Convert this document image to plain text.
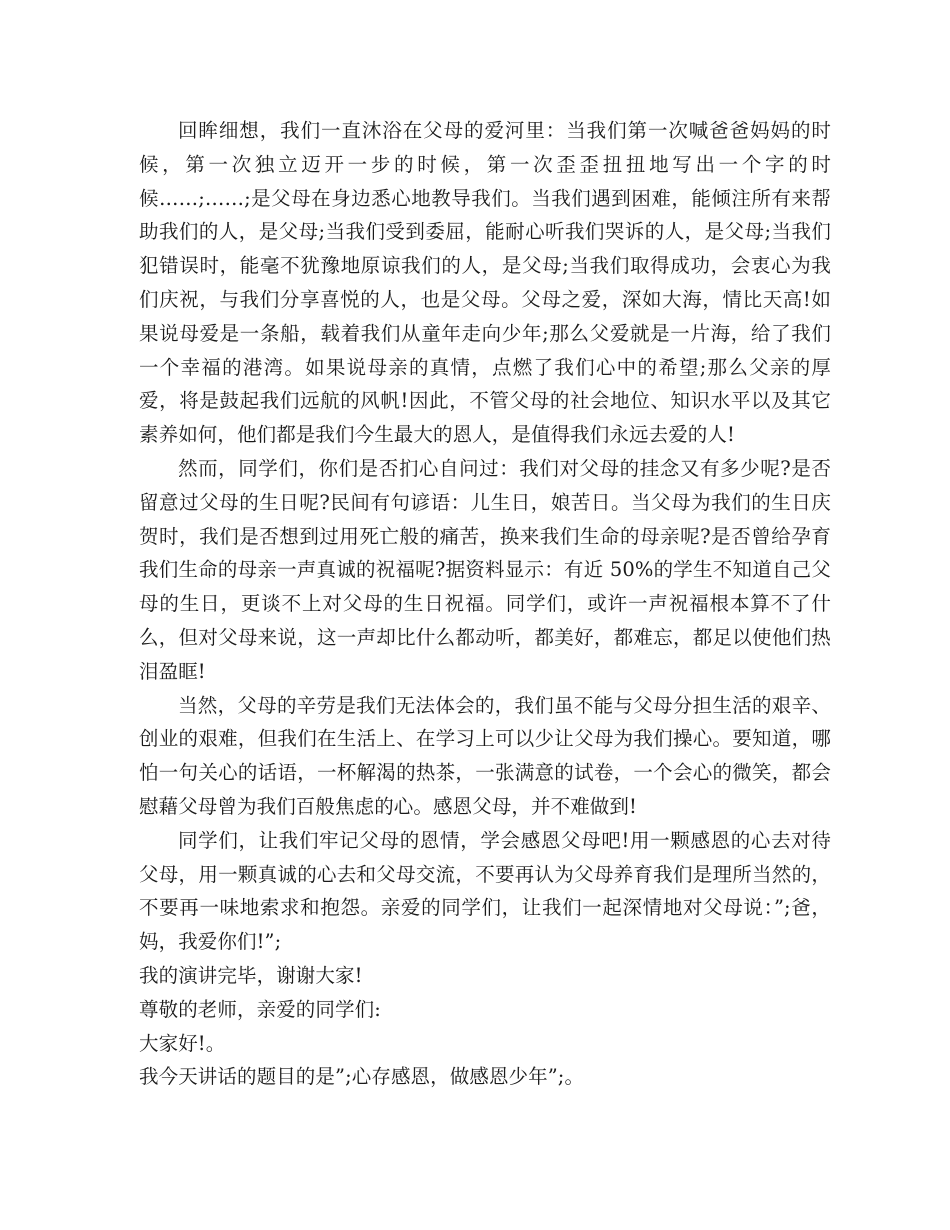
回眸细想，我们一直沐浴在父母的爱河里：当我们第一次喊爸爸妈妈的时候，第一次独立迈开一步的时候，第一次歪歪扭扭地写出一个字的时候……;……;是父母在身边悉心地教导我们。当我们遇到困难，能倾注所有来帮助我们的人，是父母;当我们受到委屈，能耐心听我们哭诉的人，是父母;当我们犯错误时，能毫不犹豫地原谅我们的人，是父母;当我们取得成功，会衷心为我们庆祝，与我们分享喜悦的人，也是父母。父母之爱，深如大海，情比天高!如果说母爱是一条船，载着我们从童年走向少年;那么父爱就是一片海，给了我们一个幸福的港湾。如果说母亲的真情，点燃了我们心中的希望;那么父亲的厚爱，将是鼓起我们远航的风帆!因此，不管父母的社会地位、知识水平以及其它素养如何，他们都是我们今生最大的恩人，是值得我们永远去爱的人!

然而，同学们，你们是否扪心自问过：我们对父母的挂念又有多少呢?是否留意过父母的生日呢?民间有句谚语：儿生日，娘苦日。当父母为我们的生日庆贺时，我们是否想到过用死亡般的痛苦，换来我们生命的母亲呢?是否曾给孕育我们生命的母亲一声真诚的祝福呢?据资料显示：有近 50%的学生不知道自己父母的生日，更谈不上对父母的生日祝福。同学们，或许一声祝福根本算不了什么，但对父母来说，这一声却比什么都动听，都美好，都难忘，都足以使他们热泪盈眶!

当然，父母的辛劳是我们无法体会的，我们虽不能与父母分担生活的艰辛、创业的艰难，但我们在生活上、在学习上可以少让父母为我们操心。要知道，哪怕一句关心的话语，一杯解渴的热茶，一张满意的试卷，一个会心的微笑，都会慰藉父母曾为我们百般焦虑的心。感恩父母，并不难做到!

同学们，让我们牢记父母的恩情，学会感恩父母吧!用一颗感恩的心去对待父母，用一颗真诚的心去和父母交流，不要再认为父母养育我们是理所当然的，不要再一味地索求和抱怨。亲爱的同学们，让我们一起深情地对父母说：”;爸，妈，我爱你们!”;

我的演讲完毕，谢谢大家!

尊敬的老师，亲爱的同学们:

大家好!。

我今天讲话的题目的是”;心存感恩，做感恩少年”;。
